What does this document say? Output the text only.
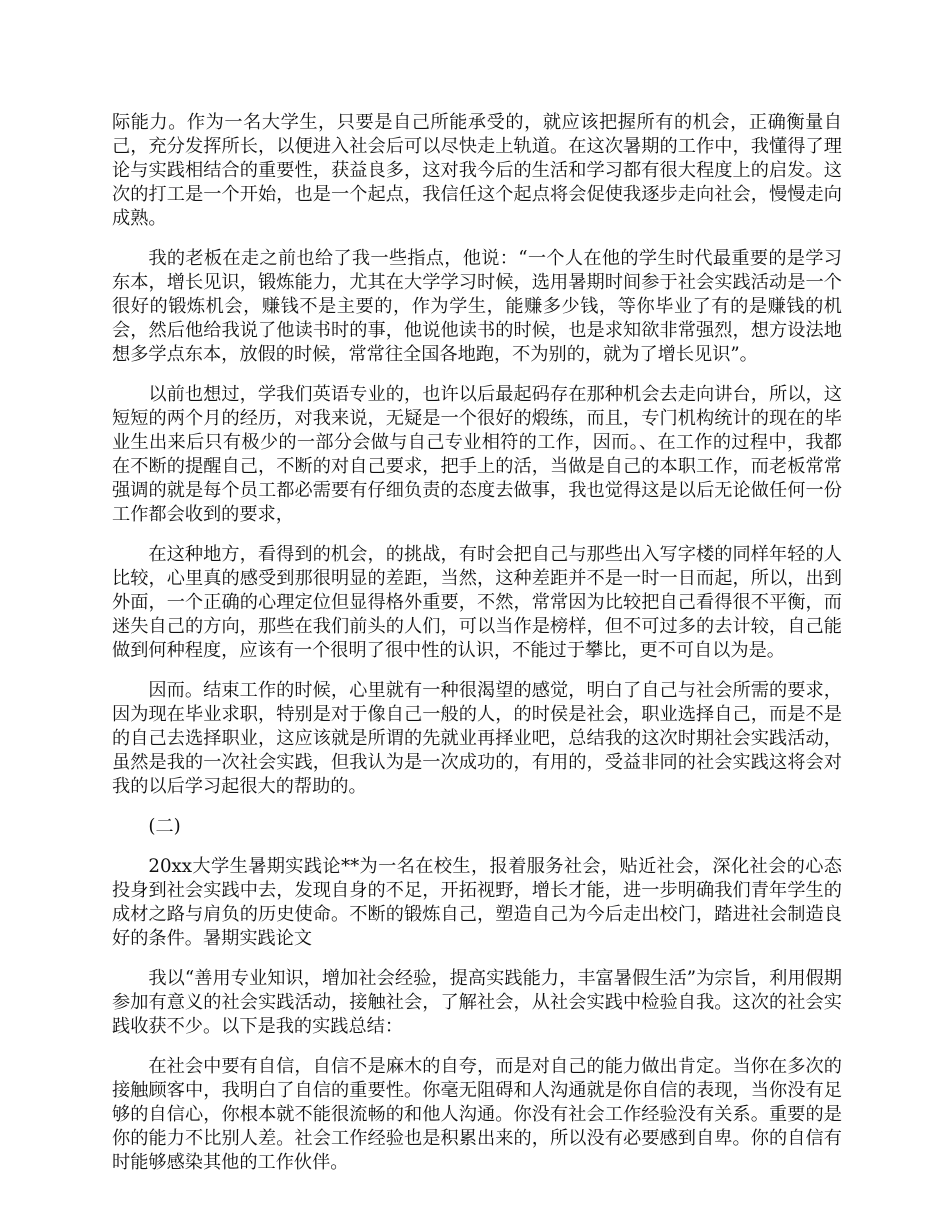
际能力。作为一名大学生，只要是自己所能承受的，就应该把握所有的机会，正确衡量自己，充分发挥所长，以便进入社会后可以尽快走上轨道。在这次暑期的工作中，我懂得了理论与实践相结合的重要性，获益良多，这对我今后的生活和学习都有很大程度上的启发。这次的打工是一个开始，也是一个起点，我信任这个起点将会促使我逐步走向社会，慢慢走向成熟。

我的老板在走之前也给了我一些指点，他说：“一个人在他的学生时代最重要的是学习东本，增长见识，锻炼能力，尤其在大学学习时候，选用暑期时间参于社会实践活动是一个很好的锻炼机会，赚钱不是主要的，作为学生，能赚多少钱，等你毕业了有的是赚钱的机会，然后他给我说了他读书时的事，他说他读书的时候，也是求知欲非常强烈，想方设法地想多学点东本，放假的时候，常常往全国各地跑，不为别的，就为了增长见识”。

以前也想过，学我们英语专业的，也许以后最起码存在那种机会去走向讲台，所以，这短短的两个月的经历，对我来说，无疑是一个很好的煅练，而且，专门机构统计的现在的毕业生出来后只有极少的一部分会做与自己专业相符的工作，因而。、在工作的过程中，我都在不断的提醒自己，不断的对自己要求，把手上的活，当做是自己的本职工作，而老板常常强调的就是每个员工都必需要有仔细负责的态度去做事，我也觉得这是以后无论做任何一份工作都会收到的要求，

在这种地方，看得到的机会，的挑战，有时会把自己与那些出入写字楼的同样年轻的人比较，心里真的感受到那很明显的差距，当然，这种差距并不是一时一日而起，所以，出到外面，一个正确的心理定位但显得格外重要，不然，常常因为比较把自己看得很不平衡，而迷失自己的方向，那些在我们前头的人们，可以当作是榜样，但不可过多的去计较，自己能做到何种程度，应该有一个很明了很中性的认识，不能过于攀比，更不可自以为是。

因而。结束工作的时候，心里就有一种很渴望的感觉，明白了自己与社会所需的要求，因为现在毕业求职，特别是对于像自己一般的人，的时侯是社会，职业选择自己，而是不是的自己去选择职业，这应该就是所谓的先就业再择业吧，总结我的这次时期社会实践活动，虽然是我的一次社会实践，但我认为是一次成功的，有用的，受益非同的社会实践这将会对我的以后学习起很大的帮助的。

(二)

20xx大学生暑期实践论**为一名在校生，报着服务社会，贴近社会，深化社会的心态投身到社会实践中去，发现自身的不足，开拓视野，增长才能，进一步明确我们青年学生的成材之路与肩负的历史使命。不断的锻炼自己，塑造自己为今后走出校门，踏进社会制造良好的条件。暑期实践论文

我以“善用专业知识，增加社会经验，提高实践能力，丰富暑假生活”为宗旨，利用假期参加有意义的社会实践活动，接触社会，了解社会，从社会实践中检验自我。这次的社会实践收获不少。以下是我的实践总结：

在社会中要有自信，自信不是麻木的自夸，而是对自己的能力做出肯定。当你在多次的接触顾客中，我明白了自信的重要性。你毫无阻碍和人沟通就是你自信的表现，当你没有足够的自信心，你根本就不能很流畅的和他人沟通。你没有社会工作经验没有关系。重要的是你的能力不比别人差。社会工作经验也是积累出来的，所以没有必要感到自卑。你的自信有时能够感染其他的工作伙伴。
